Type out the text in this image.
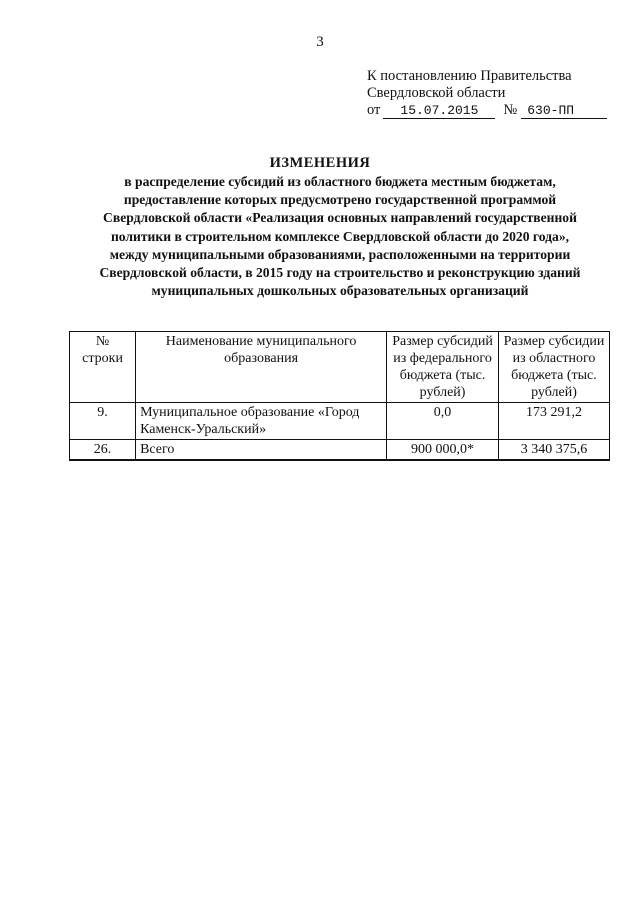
3
К постановлению Правительства
Свердловской области
от	15.07.2015	№ 630-ПП
ИЗМЕНЕНИЯ
в распределение субсидий из областного бюджета местным бюджетам,
предоставление которых предусмотрено государственной программой
Свердловской области «Реализация основных направлений государственной
политики в строительном комплексе Свердловской области до 2020 года»,
между муниципальными образованиями, расположенными на территории
Свердловской области, в 2015 году на строительство и реконструкцию зданий
муниципальных дошкольных образовательных организаций
№ строки	Наименование муниципального образования	Размер субсидий из федерального бюджета (тыс. рублей)	Размер субсидии из областного бюджета (тыс. рублей)
9.	Муниципальное образование «Город Каменск-Уральский»	0,0	173 291,2
26.	Всего	900 000,0*	3 340 375,6
